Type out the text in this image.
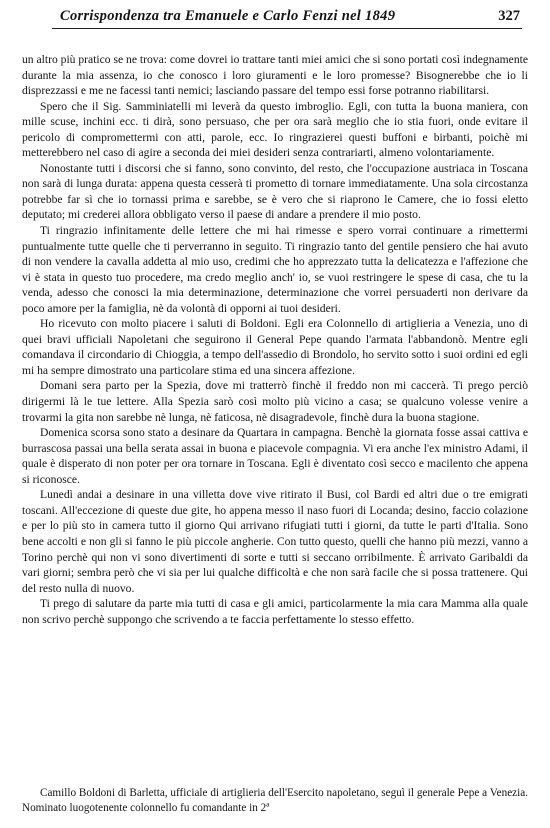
Corrispondenza tra Emanuele e Carlo Fenzi nel 1849	327

un altro più pratico se ne trova: come dovrei io trattare tanti miei amici che si sono portati così indegnamente durante la mia assenza, io che conosco i loro giuramenti e le loro promesse? Bisognerebbe che io li disprezzassi e me ne facessi tanti nemici; lasciando passare del tempo essi forse potranno riabilitarsi.

Spero che il Sig. Samminiatelli mi leverà da questo imbroglio. Egli, con tutta la buona maniera, con mille scuse, inchini ecc. ti dirà, sono persuaso, che per ora sarà meglio che io stia fuori, onde evitare il pericolo di compromettermi con atti, parole, ecc. Io ringrazierei questi buffoni e birbanti, poichè mi metterebbero nel caso di agire a seconda dei miei desideri senza contrariarti, almeno volontariamente.

Nonostante tutti i discorsi che si fanno, sono convinto, del resto, che l'occupazione austriaca in Toscana non sarà di lunga durata: appena questa cesserà ti prometto di tornare immediatamente. Una sola circostanza potrebbe far sì che io tornassi prima e sarebbe, se è vero che si riaprono le Camere, che io fossi eletto deputato; mi crederei allora obbligato verso il paese di andare a prendere il mio posto.

Ti ringrazio infinitamente delle lettere che mi hai rimesse e spero vorrai continuare a rimettermi puntualmente tutte quelle che ti perverranno in seguito. Ti ringrazio tanto del gentile pensiero che hai avuto di non vendere la cavalla addetta al mio uso, credimi che ho apprezzato tutta la delicatezza e l'affezione che vi è stata in questo tuo procedere, ma credo meglio anch' io, se vuoi restringere le spese di casa, che tu la venda, adesso che conosci la mia determinazione, determinazione che vorrei persuaderti non derivare da poco amore per la famiglia, nè da volontà di opporni ai tuoi desideri.

Ho ricevuto con molto piacere i saluti di Boldoni. Egli era Colonnello di artiglieria a Venezia, uno di quei bravi ufficiali Napoletani che seguirono il General Pepe quando l'armata l'abbandonò. Mentre egli comandava il circondario di Chioggia, a tempo dell'assedio di Brondolo, ho servito sotto i suoi ordini ed egli mi ha sempre dimostrato una particolare stima ed una sincera affezione.

Domani sera parto per la Spezia, dove mi tratterrò finchè il freddo non mi caccerà. Ti prego perciò dirigermi là le tue lettere. Alla Spezia sarò così molto più vicino a casa; se qualcuno volesse venire a trovarmi la gita non sarebbe nè lunga, nè faticosa, nè disagradevole, finchè dura la buona stagione.

Domenica scorsa sono stato a desinare da Quartara in campagna. Benchè la giornata fosse assai cattiva e burrascosa passai una bella serata assai in buona e piacevole compagnia. Vi era anche l'ex ministro Adami, il quale è disperato di non poter per ora tornare in Toscana. Egli è diventato così secco e macilento che appena si riconosce.

Lunedì andai a desinare in una villetta dove vive ritirato il Busi, col Bardi ed altri due o tre emigrati toscani. All'eccezione di queste due gite, ho appena messo il naso fuori di Locanda; desino, faccio colazione e per lo più sto in camera tutto il giorno Qui arrivano rifugiati tutti i giorni, da tutte le parti d'Italia. Sono bene accolti e non gli si fanno le più piccole angherie. Con tutto questo, quelli che hanno più mezzi, vanno a Torino perchè qui non vi sono divertimenti di sorte e tutti si seccano orribilmente. È arrivato Garibaldi da vari giorni; sembra però che vi sia per lui qualche difficoltà e che non sarà facile che si possa trattenere. Qui del resto nulla di nuovo.

Ti prego di salutare da parte mia tutti di casa e gli amici, particolarmente la mia cara Mamma alla quale non scrivo perchè suppongo che scrivendo a te faccia perfettamente lo stesso effetto.

Camillo Boldoni di Barletta, ufficiale di artiglieria dell'Esercito napoletano, seguì il generale Pepe a Venezia. Nominato luogotenente colonnello fu comandante in 2ª
